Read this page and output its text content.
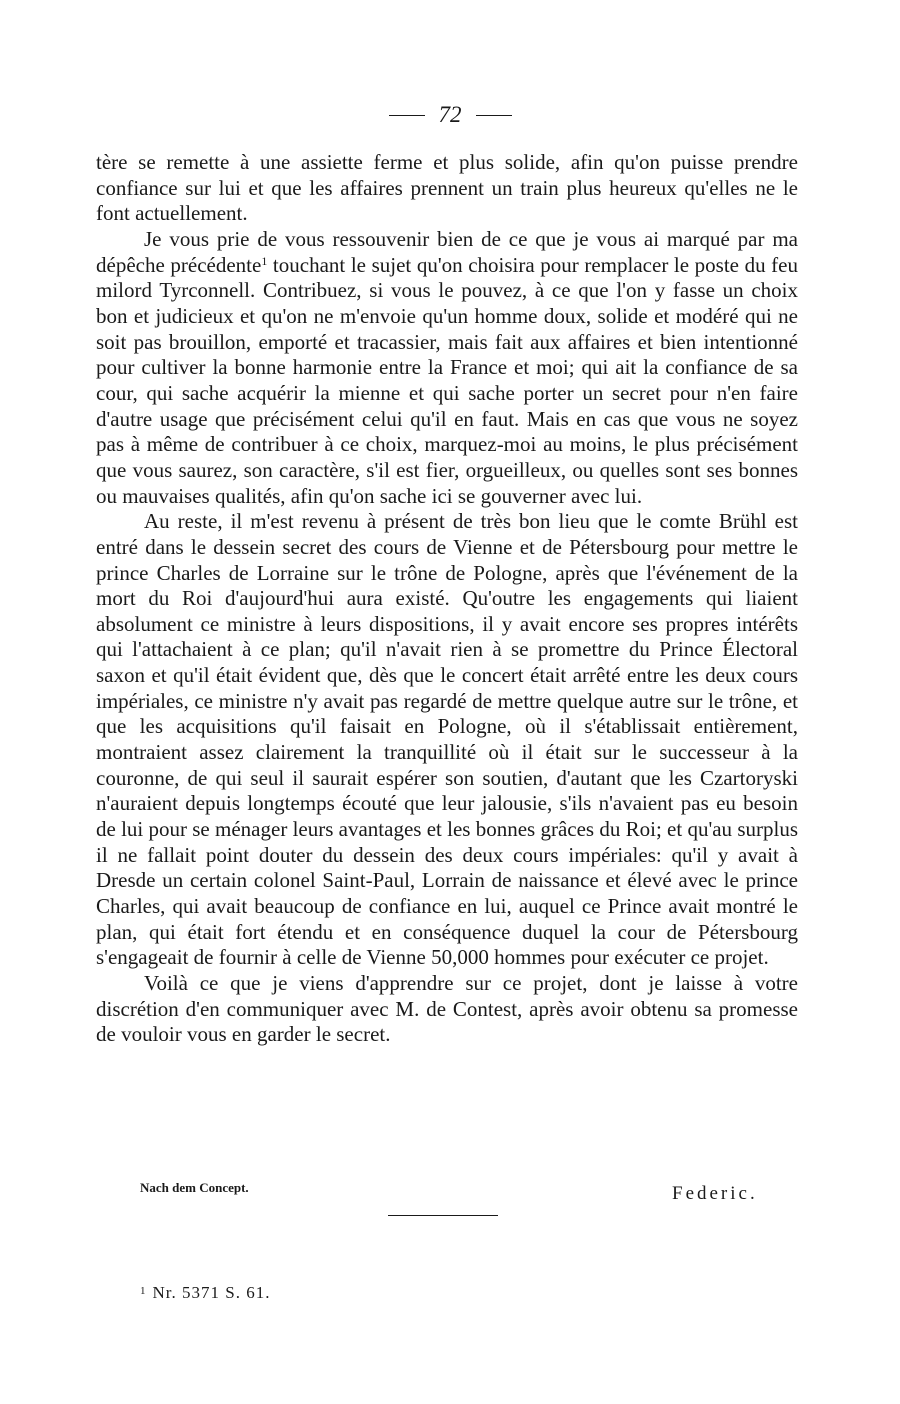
72

tère se remette à une assiette ferme et plus solide, afin qu'on puisse prendre confiance sur lui et que les affaires prennent un train plus heureux qu'elles ne le font actuellement.

Je vous prie de vous ressouvenir bien de ce que je vous ai marqué par ma dépêche précédente$^1$ touchant le sujet qu'on choisira pour remplacer le poste du feu milord Tyrconnell. Contribuez, si vous le pouvez, à ce que l'on y fasse un choix bon et judicieux et qu'on ne m'envoie qu'un homme doux, solide et modéré qui ne soit pas brouillon, emporté et tracassier, mais fait aux affaires et bien intentionné pour cultiver la bonne harmonie entre la France et moi; qui ait la confiance de sa cour, qui sache acquérir la mienne et qui sache porter un secret pour n'en faire d'autre usage que précisément celui qu'il en faut. Mais en cas que vous ne soyez pas à même de contribuer à ce choix, marquez-moi au moins, le plus précisément que vous saurez, son caractère, s'il est fier, orgueilleux, ou quelles sont ses bonnes ou mauvaises qualités, afin qu'on sache ici se gouverner avec lui.

Au reste, il m'est revenu à présent de très bon lieu que le comte Brühl est entré dans le dessein secret des cours de Vienne et de Pétersbourg pour mettre le prince Charles de Lorraine sur le trône de Pologne, après que l'événement de la mort du Roi d'aujourd'hui aura existé. Qu'outre les engagements qui liaient absolument ce ministre à leurs dispositions, il y avait encore ses propres intérêts qui l'attachaient à ce plan; qu'il n'avait rien à se promettre du Prince Électoral saxon et qu'il était évident que, dès que le concert était arrêté entre les deux cours impériales, ce ministre n'y avait pas regardé de mettre quelque autre sur le trône, et que les acquisitions qu'il faisait en Pologne, où il s'établissait entièrement, montraient assez clairement la tranquillité où il était sur le successeur à la couronne, de qui seul il saurait espérer son soutien, d'autant que les Czartoryski n'auraient depuis longtemps écouté que leur jalousie, s'ils n'avaient pas eu besoin de lui pour se ménager leurs avantages et les bonnes grâces du Roi; et qu'au surplus il ne fallait point douter du dessein des deux cours impériales: qu'il y avait à Dresde un certain colonel Saint-Paul, Lorrain de naissance et élevé avec le prince Charles, qui avait beaucoup de confiance en lui, auquel ce Prince avait montré le plan, qui était fort étendu et en conséquence duquel la cour de Pétersbourg s'engageait de fournir à celle de Vienne 50,000 hommes pour exécuter ce projet.

Voilà ce que je viens d'apprendre sur ce projet, dont je laisse à votre discrétion d'en communiquer avec M. de Contest, après avoir obtenu sa promesse de vouloir vous en garder le secret.

Nach dem Concept.	Federic.
$^1$ Nr. 5371 S. 61.
